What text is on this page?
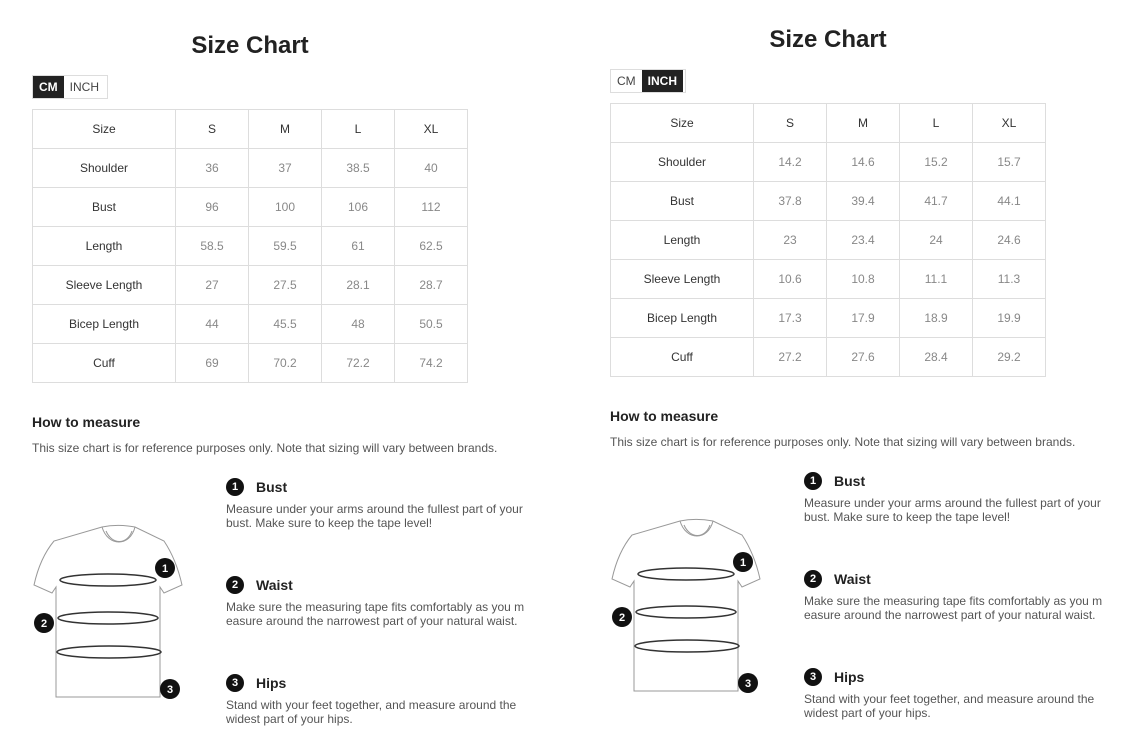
Size Chart
CM	INCH
Size	S	M	L	XL
Shoulder	36	37	38.5	40
Bust	96	100	106	112
Length	58.5	59.5	61	62.5
Sleeve Length	27	27.5	28.1	28.7
Bicep Length	44	45.5	48	50.5
Cuff	69	70.2	72.2	74.2
How to measure
This size chart is for reference purposes only. Note that sizing will vary between brands.
1
2
3
1	Bust
Measure under your arms around the fullest part of your bust. Make sure to keep the tape level!
2	Waist
Make sure the measuring tape fits comfortably as you m easure around the narrowest part of your natural waist.
3	Hips
Stand with your feet together, and measure around the widest part of your hips.
Size Chart
CM	INCH
Size	S	M	L	XL
Shoulder	14.2	14.6	15.2	15.7
Bust	37.8	39.4	41.7	44.1
Length	23	23.4	24	24.6
Sleeve Length	10.6	10.8	11.1	11.3
Bicep Length	17.3	17.9	18.9	19.9
Cuff	27.2	27.6	28.4	29.2
How to measure
This size chart is for reference purposes only. Note that sizing will vary between brands.
1
2
3
1	Bust
Measure under your arms around the fullest part of your bust. Make sure to keep the tape level!
2	Waist
Make sure the measuring tape fits comfortably as you m easure around the narrowest part of your natural waist.
3	Hips
Stand with your feet together, and measure around the widest part of your hips.
